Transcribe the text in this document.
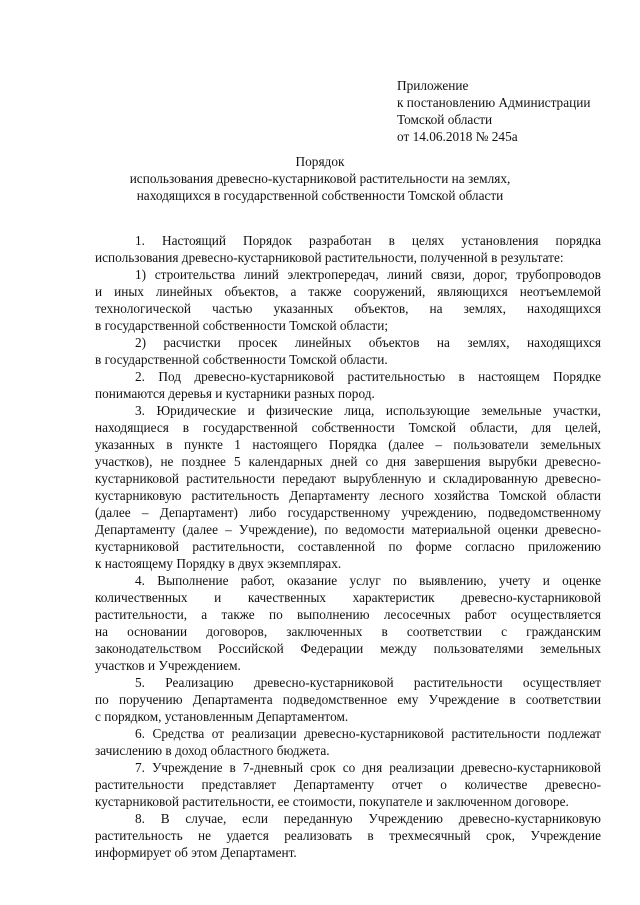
Приложение
к постановлению Администрации
Томской области
от 14.06.2018 № 245а
Порядок
использования древесно-кустарниковой растительности на землях,
находящихся в государственной собственности Томской области
1. Настоящий Порядок разработан в целях установления порядка
использования древесно-кустарниковой растительности, полученной в результате:
1) строительства линий электропередач, линий связи, дорог, трубопроводов
и иных линейных объектов, а также сооружений, являющихся неотъемлемой
технологической частью указанных объектов, на землях, находящихся
в государственной собственности Томской области;
2) расчистки просек линейных объектов на землях, находящихся
в государственной собственности Томской области.
2. Под древесно-кустарниковой растительностью в настоящем Порядке
понимаются деревья и кустарники разных пород.
3. Юридические и физические лица, использующие земельные участки,
находящиеся в государственной собственности Томской области, для целей,
указанных в пункте 1 настоящего Порядка (далее – пользователи земельных
участков), не позднее 5 календарных дней со дня завершения вырубки древесно-
кустарниковой растительности передают вырубленную и складированную древесно-
кустарниковую растительность Департаменту лесного хозяйства Томской области
(далее – Департамент) либо государственному учреждению, подведомственному
Департаменту (далее – Учреждение), по ведомости материальной оценки древесно-
кустарниковой растительности, составленной по форме согласно приложению
к настоящему Порядку в двух экземплярах.
4. Выполнение работ, оказание услуг по выявлению, учету и оценке
количественных и качественных характеристик древесно-кустарниковой
растительности, а также по выполнению лесосечных работ осуществляется
на основании договоров, заключенных в соответствии с гражданским
законодательством Российской Федерации между пользователями земельных
участков и Учреждением.
5. Реализацию древесно-кустарниковой растительности осуществляет
по поручению Департамента подведомственное ему Учреждение в соответствии
с порядком, установленным Департаментом.
6. Средства от реализации древесно-кустарниковой растительности подлежат
зачислению в доход областного бюджета.
7. Учреждение в 7-дневный срок со дня реализации древесно-кустарниковой
растительности представляет Департаменту отчет о количестве древесно-
кустарниковой растительности, ее стоимости, покупателе и заключенном договоре.
8. В случае, если переданную Учреждению древесно-кустарниковую
растительность не удается реализовать в трехмесячный срок, Учреждение
информирует об этом Департамент.
